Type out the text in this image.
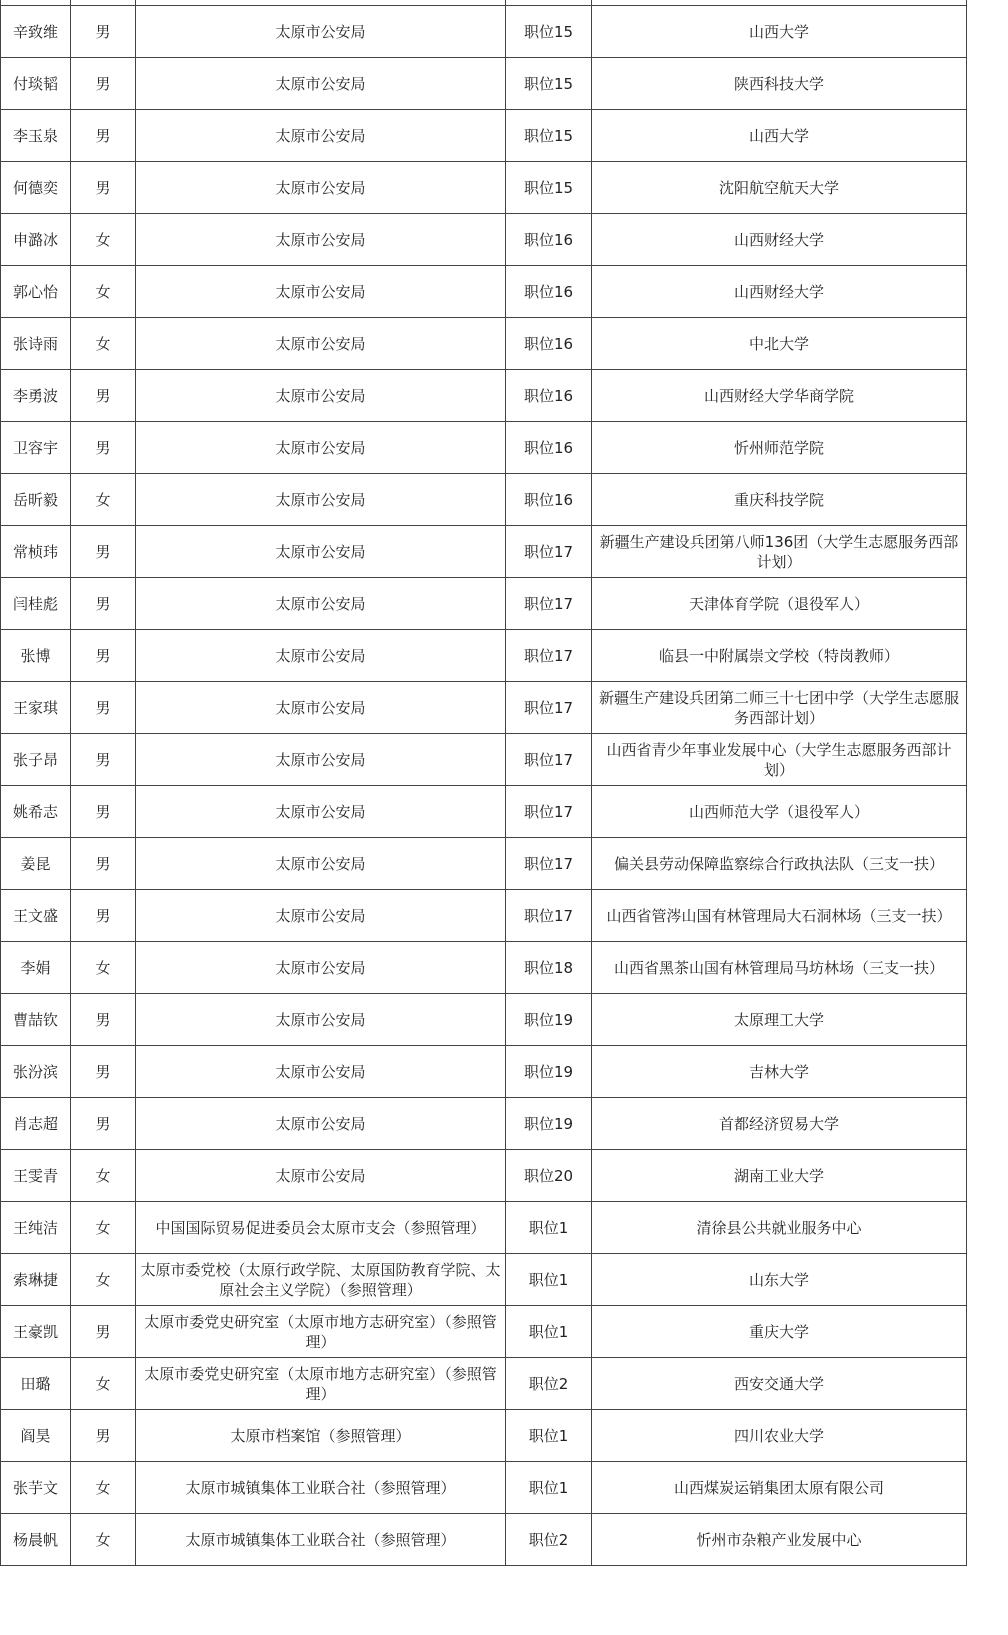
辛致维	男	太原市公安局	职位15	山西大学
付琰韬	男	太原市公安局	职位15	陕西科技大学
李玉泉	男	太原市公安局	职位15	山西大学
何德奕	男	太原市公安局	职位15	沈阳航空航天大学
申潞冰	女	太原市公安局	职位16	山西财经大学
郭心怡	女	太原市公安局	职位16	山西财经大学
张诗雨	女	太原市公安局	职位16	中北大学
李勇波	男	太原市公安局	职位16	山西财经大学华商学院
卫容宇	男	太原市公安局	职位16	忻州师范学院
岳昕毅	女	太原市公安局	职位16	重庆科技学院
常桢玮	男	太原市公安局	职位17	新疆生产建设兵团第八师136团（大学生志愿服务西部计划）
闫桂彪	男	太原市公安局	职位17	天津体育学院（退役军人）
张博	男	太原市公安局	职位17	临县一中附属崇文学校（特岗教师）
王家琪	男	太原市公安局	职位17	新疆生产建设兵团第二师三十七团中学（大学生志愿服务西部计划）
张子昂	男	太原市公安局	职位17	山西省青少年事业发展中心（大学生志愿服务西部计划）
姚希志	男	太原市公安局	职位17	山西师范大学（退役军人）
姜昆	男	太原市公安局	职位17	偏关县劳动保障监察综合行政执法队（三支一扶）
王文盛	男	太原市公安局	职位17	山西省管涔山国有林管理局大石洞林场（三支一扶）
李娟	女	太原市公安局	职位18	山西省黑茶山国有林管理局马坊林场（三支一扶）
曹喆钦	男	太原市公安局	职位19	太原理工大学
张汾滨	男	太原市公安局	职位19	吉林大学
肖志超	男	太原市公安局	职位19	首都经济贸易大学
王雯青	女	太原市公安局	职位20	湖南工业大学
王纯洁	女	中国国际贸易促进委员会太原市支会（参照管理）	职位1	清徐县公共就业服务中心
索琳捷	女	太原市委党校（太原行政学院、太原国防教育学院、太原社会主义学院）（参照管理）	职位1	山东大学
王豪凯	男	太原市委党史研究室（太原市地方志研究室）（参照管理）	职位1	重庆大学
田璐	女	太原市委党史研究室（太原市地方志研究室）（参照管理）	职位2	西安交通大学
阎昊	男	太原市档案馆（参照管理）	职位1	四川农业大学
张芋文	女	太原市城镇集体工业联合社（参照管理）	职位1	山西煤炭运销集团太原有限公司
杨晨帆	女	太原市城镇集体工业联合社（参照管理）	职位2	忻州市杂粮产业发展中心
